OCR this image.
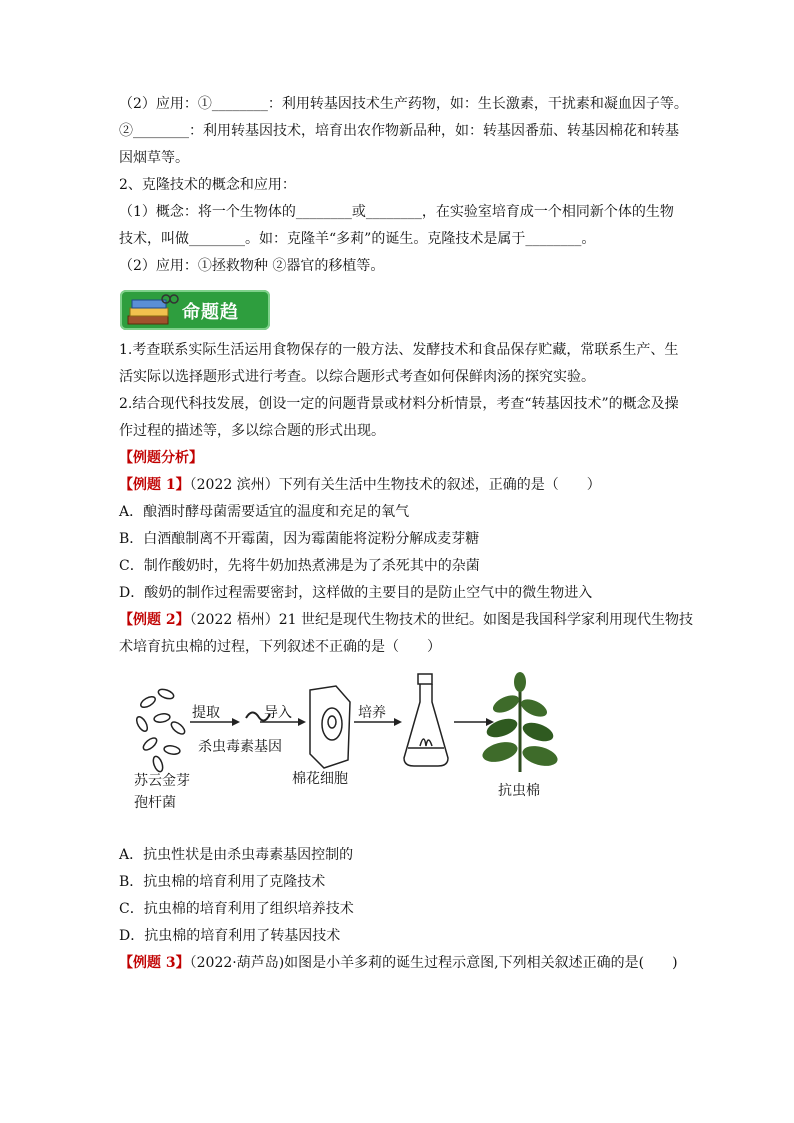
（2）应用：①________：利用转基因技术生产药物，如：生长激素，干扰素和凝血因子等。
②________：利用转基因技术，培育出农作物新品种，如：转基因番茄、转基因棉花和转基
因烟草等。
2、克隆技术的概念和应用：
（1）概念：将一个生物体的________或________，在实验室培育成一个相同新个体的生物
技术，叫做________。如：克隆羊“多莉”的诞生。克隆技术是属于________。
（2）应用：①拯救物种 ②器官的移植等。
命题趋
1.考查联系实际生活运用食物保存的一般方法、发酵技术和食品保存贮藏，常联系生产、生
活实际以选择题形式进行考查。以综合题形式考查如何保鲜肉汤的探究实验。
2.结合现代科技发展，创设一定的问题背景或材料分析情景，考查“转基因技术”的概念及操
作过程的描述等，多以综合题的形式出现。
【例题分析】
【例题 1】（2022 滨州）下列有关生活中生物技术的叙述，正确的是（　　）
A．酿酒时酵母菌需要适宜的温度和充足的氧气
B．白酒酿制离不开霉菌，因为霉菌能将淀粉分解成麦芽糖
C．制作酸奶时，先将牛奶加热煮沸是为了杀死其中的杂菌
D．酸奶的制作过程需要密封，这样做的主要目的是防止空气中的微生物进入
【例题 2】（2022 梧州）21 世纪是现代生物技术的世纪。如图是我国科学家利用现代生物技
术培育抗虫棉的过程，下列叙述不正确的是（　　）
苏云金芽
孢杆菌
提取
杀虫毒素基因
导入
棉花细胞
培养
抗虫棉
A．抗虫性状是由杀虫毒素基因控制的
B．抗虫棉的培育利用了克隆技术
C．抗虫棉的培育利用了组织培养技术
D．抗虫棉的培育利用了转基因技术
【例题 3】（2022·葫芦岛)如图是小羊多莉的诞生过程示意图,下列相关叙述正确的是(　　)
